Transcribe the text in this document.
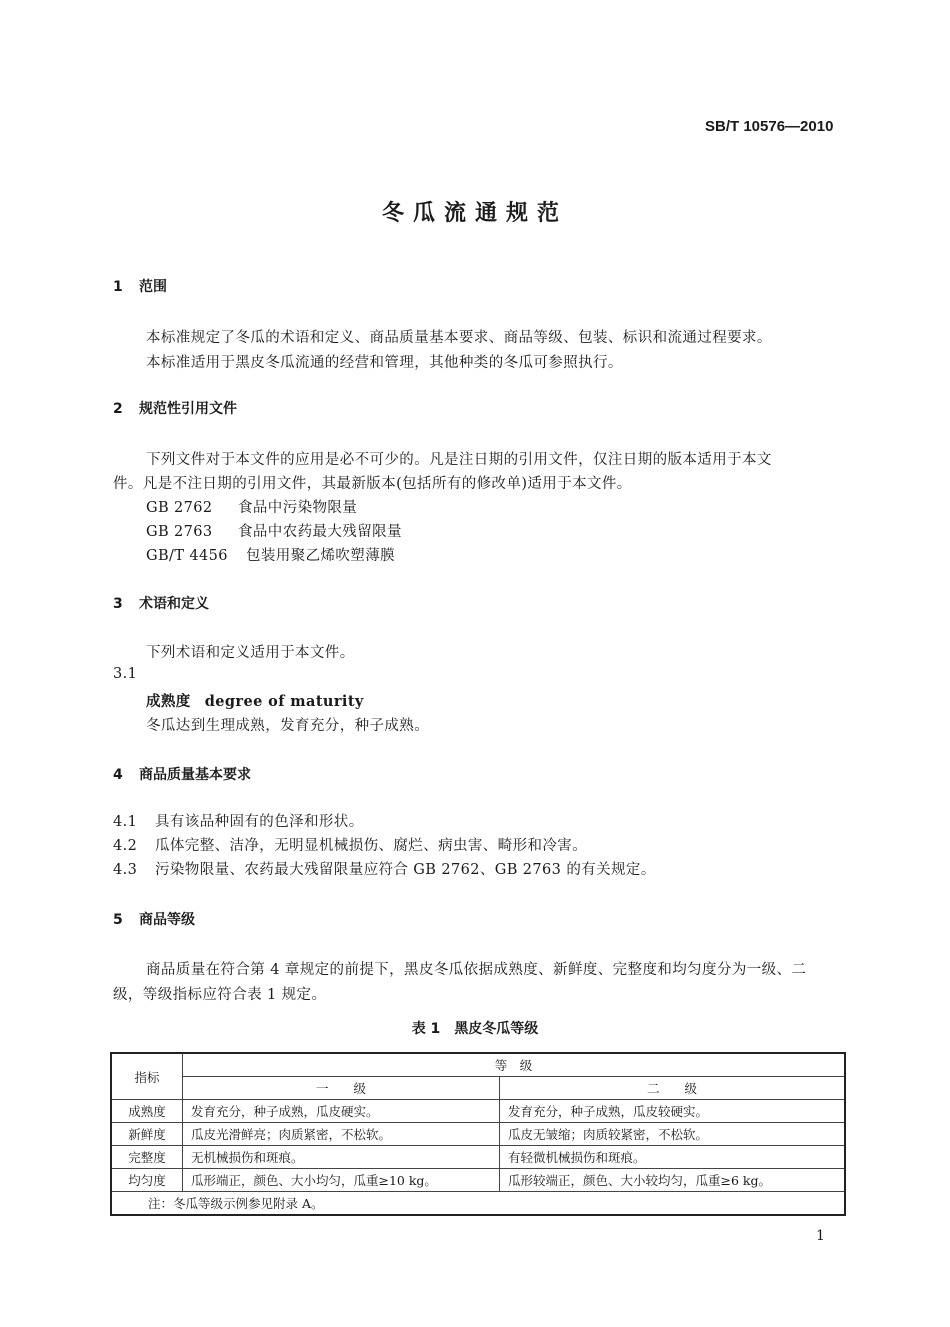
SB/T 10576—2010
冬瓜流通规范
1 范围
本标准规定了冬瓜的术语和定义、商品质量基本要求、商品等级、包装、标识和流通过程要求。
本标准适用于黑皮冬瓜流通的经营和管理，其他种类的冬瓜可参照执行。
2 规范性引用文件
下列文件对于本文件的应用是必不可少的。凡是注日期的引用文件，仅注日期的版本适用于本文
件。凡是不注日期的引用文件，其最新版本(包括所有的修改单)适用于本文件。
GB 2762 食品中污染物限量
GB 2763 食品中农药最大残留限量
GB/T 4456 包装用聚乙烯吹塑薄膜
3 术语和定义
下列术语和定义适用于本文件。
3.1
成熟度 degree of maturity
冬瓜达到生理成熟，发育充分，种子成熟。
4 商品质量基本要求
4.1 具有该品种固有的色泽和形状。
4.2 瓜体完整、洁净，无明显机械损伤、腐烂、病虫害、畸形和冷害。
4.3 污染物限量、农药最大残留限量应符合 GB 2762、GB 2763 的有关规定。
5 商品等级
商品质量在符合第 4 章规定的前提下，黑皮冬瓜依据成熟度、新鲜度、完整度和均匀度分为一级、二
级，等级指标应符合表 1 规定。
表 1 黑皮冬瓜等级
指标	等　级	
	一　　级	二　　级
成熟度	发育充分，种子成熟，瓜皮硬实。	发育充分，种子成熟，瓜皮较硬实。
新鲜度	瓜皮光滑鲜亮；肉质紧密，不松软。	瓜皮无皱缩；肉质较紧密，不松软。
完整度	无机械损伤和斑痕。	有轻微机械损伤和斑痕。
均匀度	瓜形端正，颜色、大小均匀，瓜重≥10 kg。	瓜形较端正，颜色、大小较均匀，瓜重≥6 kg。
注：冬瓜等级示例参见附录 A。		
1
